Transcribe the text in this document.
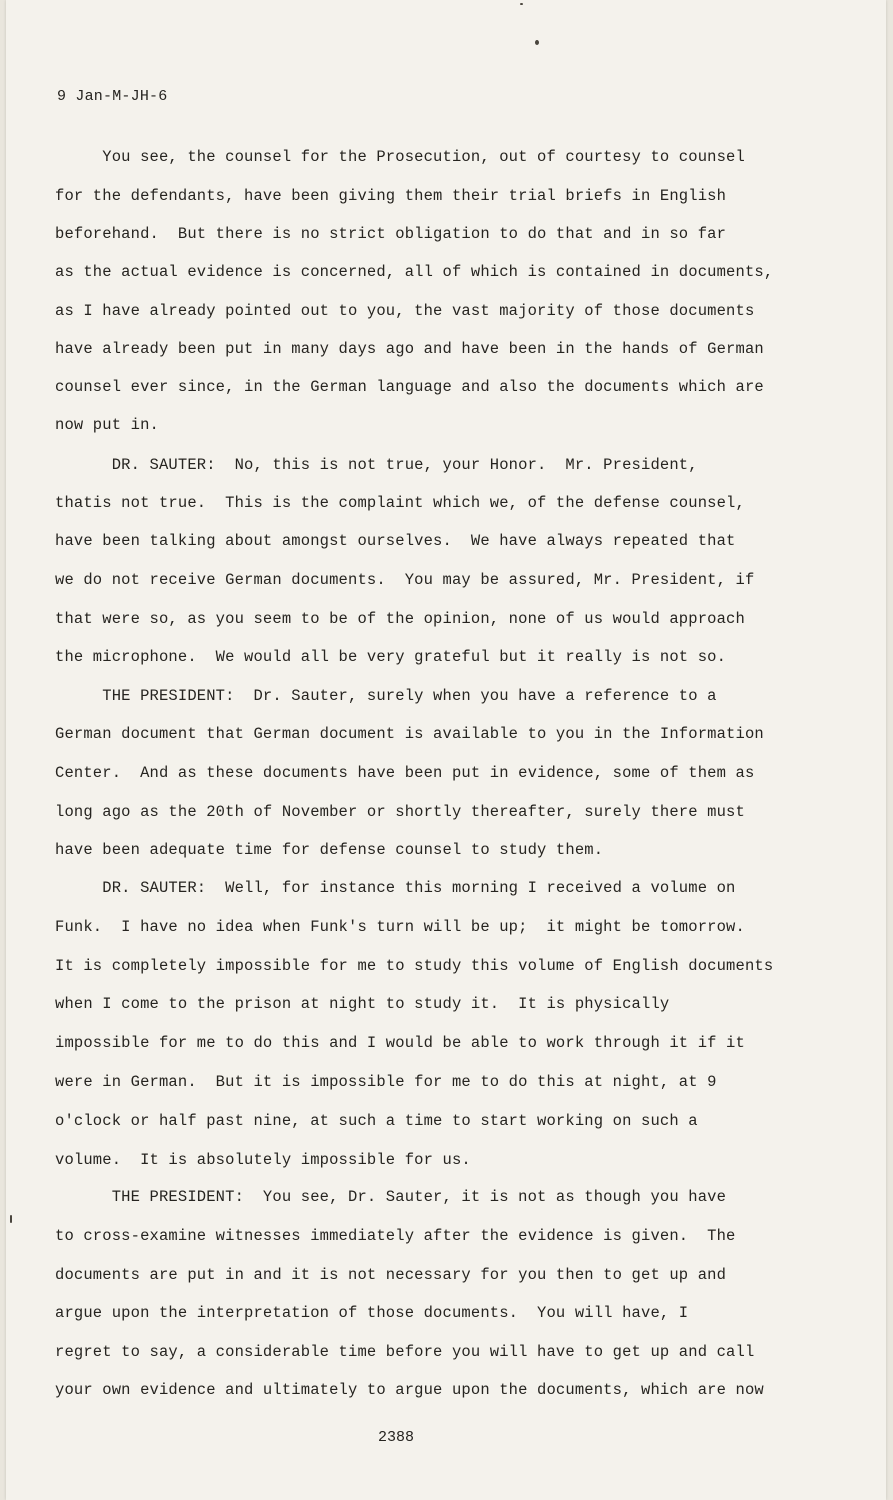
9 Jan-M-JH-6
You see, the counsel for the Prosecution, out of courtesy to counsel
for the defendants, have been giving them their trial briefs in English
beforehand.  But there is no strict obligation to do that and in so far
as the actual evidence is concerned, all of which is contained in documents,
as I have already pointed out to you, the vast majority of those documents
have already been put in many days ago and have been in the hands of German
counsel ever since, in the German language and also the documents which are
now put in.
DR. SAUTER:  No, this is not true, your Honor.  Mr. President,
thatis not true.  This is the complaint which we, of the defense counsel,
have been talking about amongst ourselves.  We have always repeated that
we do not receive German documents.  You may be assured, Mr. President, if
that were so, as you seem to be of the opinion, none of us would approach
the microphone.  We would all be very grateful but it really is not so.
THE PRESIDENT:  Dr. Sauter, surely when you have a reference to a
German document that German document is available to you in the Information
Center.  And as these documents have been put in evidence, some of them as
long ago as the 20th of November or shortly thereafter, surely there must
have been adequate time for defense counsel to study them.
DR. SAUTER:  Well, for instance this morning I received a volume on
Funk.  I have no idea when Funk's turn will be up;  it might be tomorrow.
It is completely impossible for me to study this volume of English documents
when I come to the prison at night to study it.  It is physically
impossible for me to do this and I would be able to work through it if it
were in German.  But it is impossible for me to do this at night, at 9
o'clock or half past nine, at such a time to start working on such a
volume.  It is absolutely impossible for us.
THE PRESIDENT:  You see, Dr. Sauter, it is not as though you have
to cross-examine witnesses immediately after the evidence is given.  The
documents are put in and it is not necessary for you then to get up and
argue upon the interpretation of those documents.  You will have, I
regret to say, a considerable time before you will have to get up and call
your own evidence and ultimately to argue upon the documents, which are now
2388
